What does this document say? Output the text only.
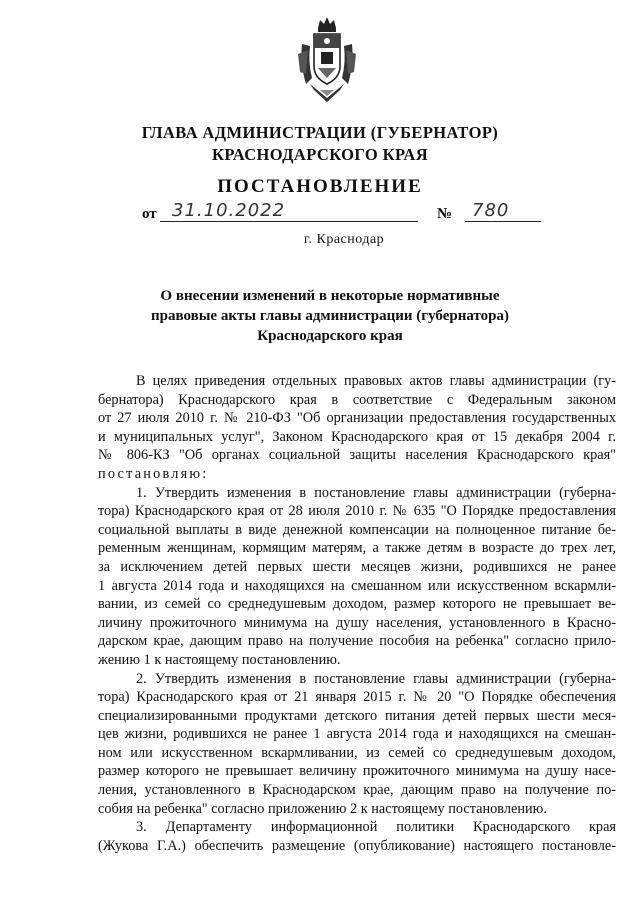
ГЛАВА АДМИНИСТРАЦИИ (ГУБЕРНАТОР)
КРАСНОДАРСКОГО КРАЯ
ПОСТАНОВЛЕНИЕ
от 31.10.2022	№ 780
г. Краснодар
О внесении изменений в некоторые нормативные
правовые акты главы администрации (губернатора)
Краснодарского края
В целях приведения отдельных правовых актов главы администрации (гу-
бернатора) Краснодарского края в соответствие с Федеральным законом
от 27 июля 2010 г. № 210-ФЗ "Об организации предоставления государственных
и муниципальных услуг", Законом Краснодарского края от 15 декабря 2004 г.
№ 806-КЗ "Об органах социальной защиты населения Краснодарского края"
постановляю:
1. Утвердить изменения в постановление главы администрации (губерна-
тора) Краснодарского края от 28 июля 2010 г. № 635 "О Порядке предоставления
социальной выплаты в виде денежной компенсации на полноценное питание бе-
ременным женщинам, кормящим матерям, а также детям в возрасте до трех лет,
за исключением детей первых шести месяцев жизни, родившихся не ранее
1 августа 2014 года и находящихся на смешанном или искусственном вскармли-
вании, из семей со среднедушевым доходом, размер которого не превышает ве-
личину прожиточного минимума на душу населения, установленного в Красно-
дарском крае, дающим право на получение пособия на ребенка" согласно прило-
жению 1 к настоящему постановлению.
2. Утвердить изменения в постановление главы администрации (губерна-
тора) Краснодарского края от 21 января 2015 г. № 20 "О Порядке обеспечения
специализированными продуктами детского питания детей первых шести меся-
цев жизни, родившихся не ранее 1 августа 2014 года и находящихся на смешан-
ном или искусственном вскармливании, из семей со среднедушевым доходом,
размер которого не превышает величину прожиточного минимума на душу насе-
ления, установленного в Краснодарском крае, дающим право на получение по-
собия на ребенка" согласно приложению 2 к настоящему постановлению.
3. Департаменту информационной политики Краснодарского края
(Жукова Г.А.) обеспечить размещение (опубликование) настоящего постановле-
